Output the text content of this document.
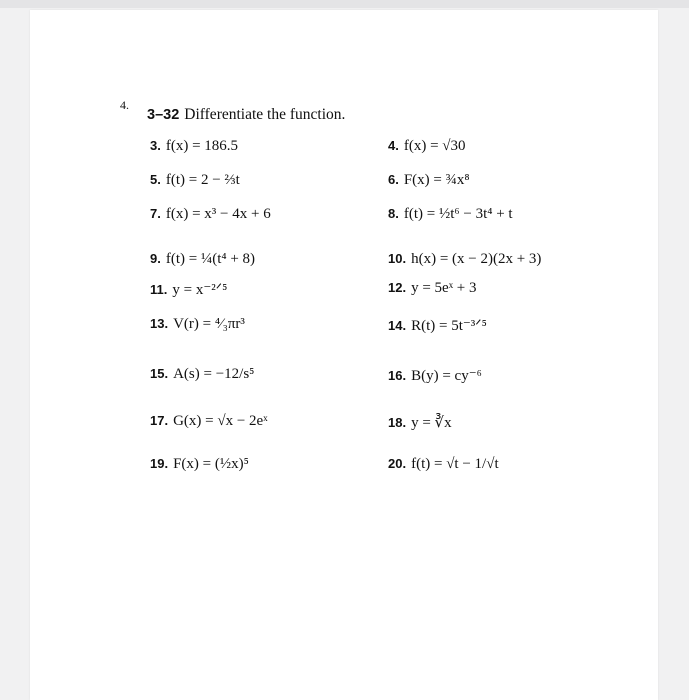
4.
3–32 Differentiate the function.
3. f(x) = 186.5	4. f(x) = √30
5. f(t) = 2 − ⅔t	6. F(x) = ¾x⁸
7. f(x) = x³ − 4x + 6	8. f(t) = ½t⁶ − 3t⁴ + t
9. f(t) = ¼(t⁴ + 8)	10. h(x) = (x − 2)(2x + 3)
11. y = x⁻²ᐟ⁵	12. y = 5eˣ + 3
13. V(r) = ⁴⁄₃πr³	14. R(t) = 5t⁻³ᐟ⁵
15. A(s) = −12/s⁵	16. B(y) = cy⁻⁶
17. G(x) = √x − 2eˣ	18. y = ∛x
19. F(x) = (½x)⁵	20. f(t) = √t − 1/√t
